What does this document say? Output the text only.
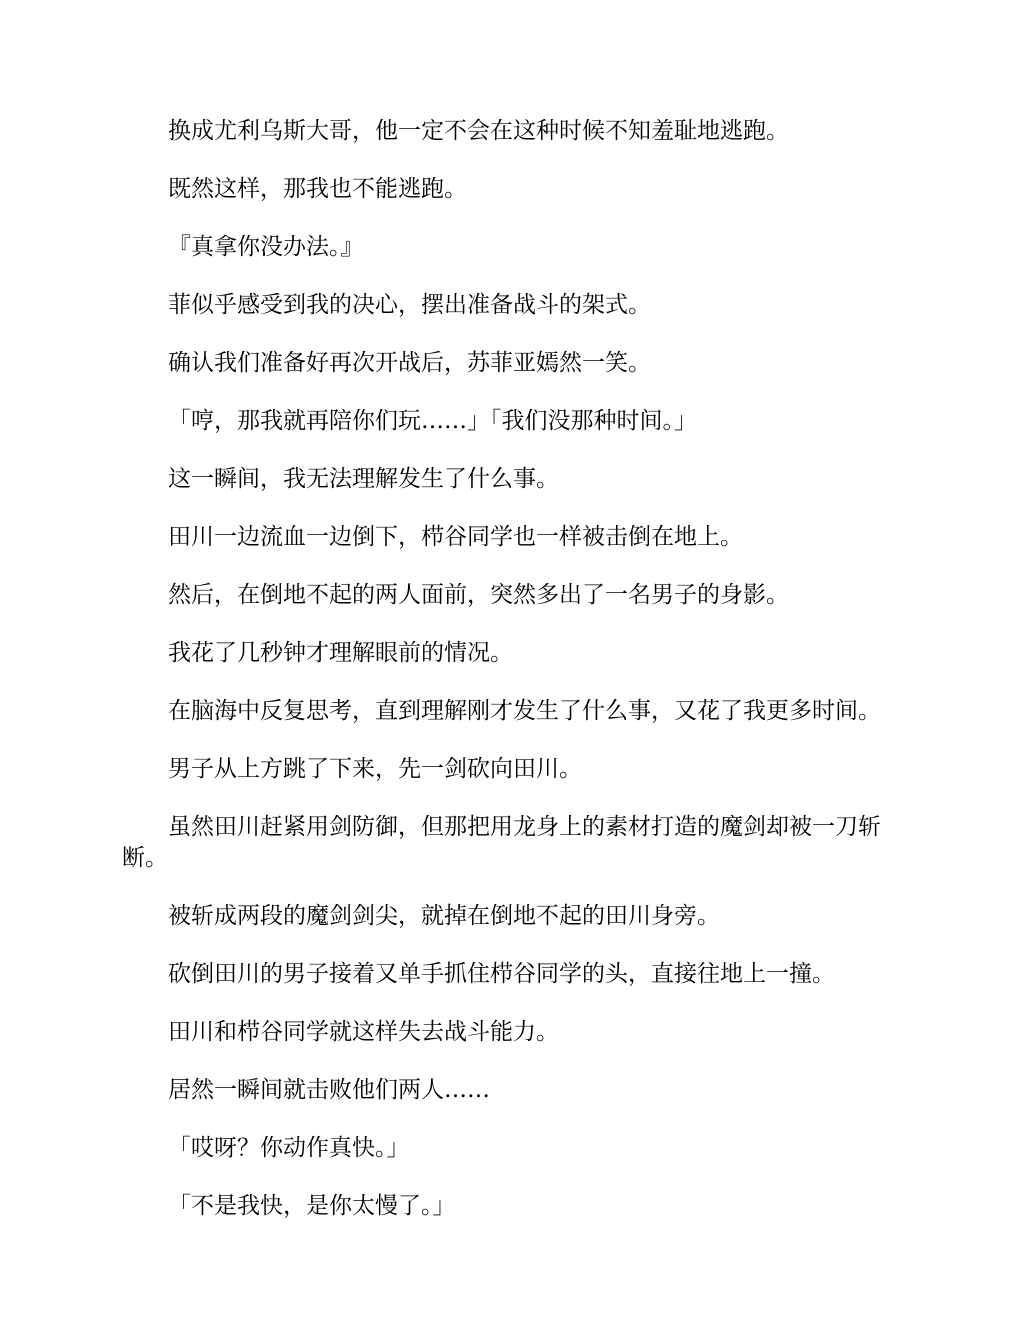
换成尤利乌斯大哥，他一定不会在这种时候不知羞耻地逃跑。

既然这样，那我也不能逃跑。

『真拿你没办法。』

菲似乎感受到我的决心，摆出准备战斗的架式。

确认我们准备好再次开战后，苏菲亚嫣然一笑。

「哼，那我就再陪你们玩……」「我们没那种时间。」

这一瞬间，我无法理解发生了什么事。

田川一边流血一边倒下，栉谷同学也一样被击倒在地上。

然后，在倒地不起的两人面前，突然多出了一名男子的身影。

我花了几秒钟才理解眼前的情况。

在脑海中反复思考，直到理解刚才发生了什么事，又花了我更多时间。

男子从上方跳了下来，先一剑砍向田川。

虽然田川赶紧用剑防御，但那把用龙身上的素材打造的魔剑却被一刀斩断。

被斩成两段的魔剑剑尖，就掉在倒地不起的田川身旁。

砍倒田川的男子接着又单手抓住栉谷同学的头，直接往地上一撞。

田川和栉谷同学就这样失去战斗能力。

居然一瞬间就击败他们两人……

「哎呀？你动作真快。」

「不是我快，是你太慢了。」
